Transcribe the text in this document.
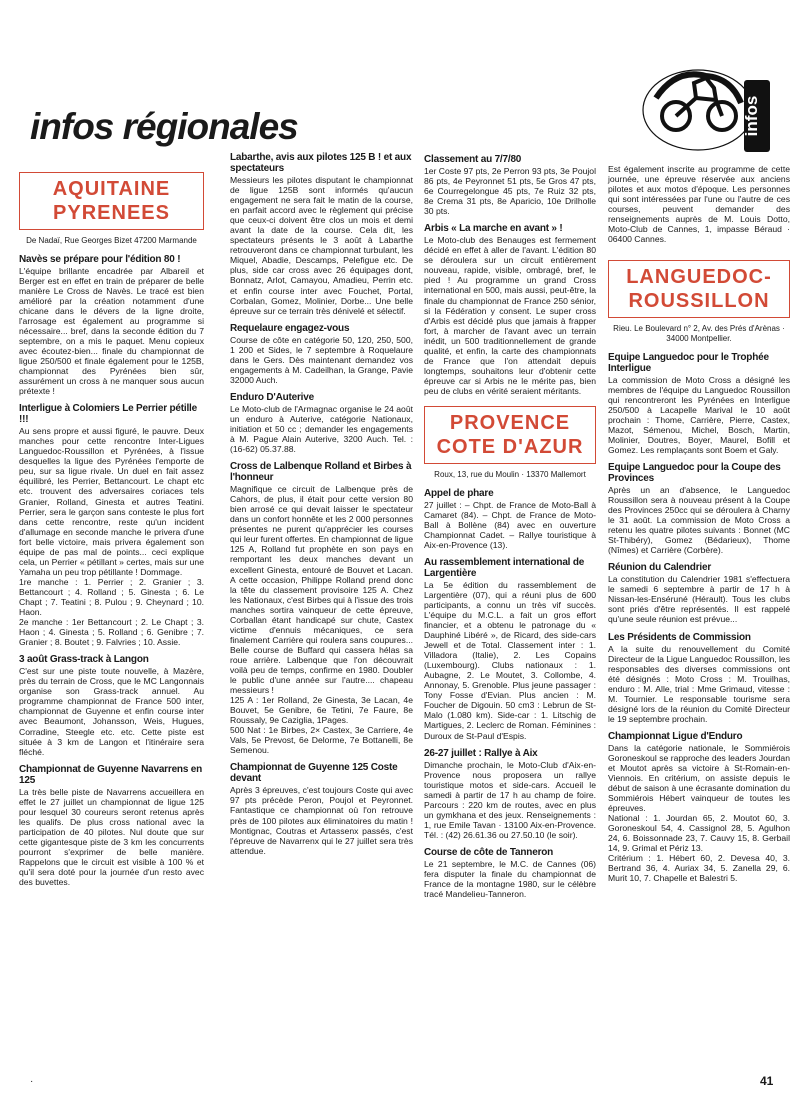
infos régionales	infos
AQUITAINE PYRENEES
De Nadaï, Rue Georges Bizet 47200 Marmande
Navès se prépare pour l'édition 80 !

L'équipe brillante encadrée par Albareil et Berger est en effet en train de préparer de belle manière Le Cross de Navès. Le tracé est bien amélioré par la création notamment d'une chicane dans le dévers de la ligne droite, l'arrosage est également au programme si nécessaire... bref, dans la seconde édition du 7 septembre, on a mis le paquet. Menu copieux avec écoutez-bien... finale du championnat de ligue 250/500 et finale également pour le 125B, championnat des Pyrénées bien sûr, assurément un cross à ne manquer sous aucun prétexte !

Interligue à Colomiers Le Perrier pétille !!!

Au sens propre et aussi figuré, le pauvre. Deux manches pour cette rencontre Inter-Ligues Languedoc-Roussillon et Pyrénées, à l'issue desquelles la ligue des Pyrénées l'emporte de peu, sur sa ligue rivale. Un duel en fait assez équilibré, les Perrier, Bettancourt. Le chapt etc etc. trouvent des adversaires coriaces tels Granier, Rolland, Ginesta et autres Teatini. Perrier, sera le garçon sans conteste le plus fort dans cette rencontre, reste qu'un incident d'allumage en seconde manche le privera d'une fort belle victoire, mais privera également son équipe de pas mal de points... ceci explique cela, un Perrier « pétillant » certes, mais sur une Yamaha un peu trop pétillante ! Dommage.

1re manche : 1. Perrier ; 2. Granier ; 3. Bettancourt ; 4. Rolland ; 5. Ginesta ; 6. Le Chapt ; 7. Teatini ; 8. Pulou ; 9. Cheynard ; 10. Haon.

2e manche : 1er Bettancourt ; 2. Le Chapt ; 3. Haon ; 4. Ginesta ; 5. Rolland ; 6. Genibre ; 7. Granier ; 8. Boutet ; 9. Falvries ; 10. Assie.

3 août Grass-track à Langon

C'est sur une piste toute nouvelle, à Mazère, près du terrain de Cross, que le MC Langonnais organise son Grass-track annuel. Au programme championnat de France 500 inter, championnat de Guyenne et enfin course inter avec Beaumont, Johansson, Weis, Hugues, Corradine, Steegle etc. etc. Cette piste est située à 3 km de Langon et l'itinéraire sera fléché.

Championnat de Guyenne Navarrens en 125

La très belle piste de Navarrens accueillera en effet le 27 juillet un championnat de ligue 125 pour lesquel 30 coureurs seront retenus après les qualifs. De plus cross national avec la participation de 40 pilotes. Nul doute que sur cette gigantesque piste de 3 km les concurrents pourront s'exprimer de belle manière. Rappelons que le circuit est visible à 100 % et qu'il sera doté pour la journée d'un resto avec des buvettes.

Labarthe, avis aux pilotes 125 B ! et aux spectateurs

Messieurs les pilotes disputant le championnat de ligue 125B sont informés qu'aucun engagement ne sera fait le matin de la course, en parfait accord avec le règlement qui précise que ceux-ci doivent être clos un mois et demi avant la date de la course. Cela dit, les spectateurs présents le 3 août à Labarthe retrouveront dans ce championnat turbulant, les Miquel, Abadie, Descamps, Pelefigue etc. De plus, side car cross avec 26 équipages dont, Bonnatz, Arlot, Camayou, Amadieu, Perrin etc. et enfin course inter avec Fouchet, Portal, Corbalan, Gomez, Molinier, Dorbe... Une belle épreuve sur ce terrain très dénivelé et sélectif.

Requelaure engagez-vous

Course de côte en catégorie 50, 120, 250, 500, 1 200 et Sides, le 7 septembre à Roquelaure dans le Gers. Dès maintenant demandez vos engagements à M. Cadeilhan, la Grange, Pavie 32000 Auch.

Enduro D'Auterive

Le Moto-club de l'Armagnac organise le 24 août un enduro à Auterive, catégorie Nationaux, initiation et 50 cc ; demander les engagements à M. Pague Alain Auterive, 3200 Auch. Tel. : (16-62) 05.37.88.

Cross de Lalbenque Rolland et Birbes à l'honneur

Magnifique ce circuit de Lalbenque près de Cahors, de plus, il était pour cette version 80 bien arrosé ce qui devait laisser le spectateur dans un confort honnête et les 2 000 personnes présentes ne purent qu'apprécier les courses qui leur furent offertes. En championnat de ligue 125 A, Rolland fut prophète en son pays en remportant les deux manches devant un excellent Ginesta, entouré de Bouvet et Lacan. A cette occasion, Philippe Rolland prend donc la tête du classement provisoire 125 A. Chez les Nationaux, c'est Birbes qui à l'issue des trois manches sortira vainqueur de cette épreuve, Corballan étant handicapé sur chute, Castex victime d'ennuis mécaniques, ce sera finalement Carrière qui roulera sans coupures... Belle course de Buffard qui cassera hélas sa roue arrière. Lalbenque que l'on découvrait voilà peu de temps, confirme en 1980. Doubler le public d'une année sur l'autre.... chapeau messieurs !

125 A : 1er Rolland, 2e Ginesta, 3e Lacan, 4e Bouvet, 5e Genibre, 6e Tetini, 7e Faure, 8e Roussaly, 9e Caziglia, 1Pages.

500 Nat : 1e Birbes, 2× Castex, 3e Carriere, 4e Vals, 5e Prevost, 6e Delorme, 7e Bottanelli, 8e Semenou.

Championnat de Guyenne 125 Coste devant

Après 3 épreuves, c'est toujours Coste qui avec 97 pts précède Peron, Poujol et Peyronnet. Fantastique ce championnat où l'on retrouve près de 100 pilotes aux éliminatoires du matin ! Montignac, Coutras et Artassenx passés, c'est l'épreuve de Navarrenx qui le 27 juillet sera très attendue.

Classement au 7/7/80

1er Coste 97 pts, 2e Perron 93 pts, 3e Poujol 86 pts, 4e Peyronnet 51 pts, 5e Gros 47 pts, 6e Courregelongue 45 pts, 7e Ruiz 32 pts, 8e Crema 31 pts, 8e Aparicio, 10e Drilholle 30 pts.

Arbis « La marche en avant » !

Le Moto-club des Benauges est fermement décidé en effet à aller de l'avant. L'édition 80 se déroulera sur un circuit entièrement nouveau, rapide, visible, ombragé, bref, le pied ! Au programme un grand Cross international en 500, mais aussi, peut-être, la finale du championnat de France 250 sénior, si la Fédération y consent. Le super cross d'Arbis est décidé plus que jamais à frapper fort, à marcher de l'avant avec un terrain inédit, un 500 traditionnellement de grande qualité, et enfin, la carte des championnats de France que l'on attendait depuis longtemps, souhaitons leur d'obtenir cette épreuve car si Arbis ne le mérite pas, bien peu de clubs en vérité seraient méritants.

PROVENCE COTE D'AZUR
Roux, 13, rue du Moulin · 13370 Mallemort
Appel de phare

27 juillet : – Chpt. de France de Moto-Ball à Camaret (84). – Chpt. de France de Moto-Ball à Bollène (84) avec en ouverture Championnat Cadet. – Rallye touristique à Aix-en-Provence (13).

Au rassemblement international de Largentière

La 5e édition du rassemblement de Largentière (07), qui a réuni plus de 600 participants, a connu un très vif succès. L'équipe du M.C.L. a fait un gros effort financier, et a obtenu le patronage du « Dauphiné Libéré », de Ricard, des side-cars Jewell et de Total. Classement inter : 1. Villadora (Italie), 2. Les Copains (Luxembourg). Clubs nationaux : 1. Aubagne, 2. Le Moutet, 3. Collombe, 4. Annonay, 5. Grenoble. Plus jeune passager : Tony Fosse d'Evian. Plus ancien : M. Foucher de Digouin. 50 cm3 : Lebrun de St-Malo (1.080 km). Side-car : 1. Litschig de Martigues, 2. Leclerc de Roman. Féminines : Duroux de St-Paul d'Espis.

26-27 juillet : Rallye à Aix

Dimanche prochain, le Moto-Club d'Aix-en-Provence nous proposera un rallye touristique motos et side-cars. Accueil le samedi à partir de 17 h au champ de foire. Parcours : 220 km de routes, avec en plus un gymkhana et des jeux. Renseignements : 1, rue Emile Tavan · 13100 Aix-en-Provence. Tél. : (42) 26.61.36 ou 27.50.10 (le soir).

Course de côte de Tanneron

Le 21 septembre, le M.C. de Cannes (06) fera disputer la finale du championnat de France de la montagne 1980, sur le célèbre tracé Mandelieu-Tanneron.

Est également inscrite au programme de cette journée, une épreuve réservée aux anciens pilotes et aux motos d'époque. Les personnes qui sont intéressées par l'une ou l'autre de ces courses, peuvent demander des renseignements auprès de M. Louis Dotto, Moto-Club de Cannes, 1, impasse Béraud · 06400 Cannes.

LANGUEDOC-ROUSSILLON
Rieu. Le Boulevard n° 2, Av. des Prés d'Arènas · 34000 Montpellier.
Equipe Languedoc pour le Trophée Interligue

La commission de Moto Cross a désigné les membres de l'équipe du Languedoc Roussillon qui rencontreront les Pyrénées en Interligue 250/500 à Lacapelle Marival le 10 août prochain : Thome, Carrière, Pierre, Castex, Mazot, Sémenou, Michel, Bosch, Martin, Molinier, Doutres, Boyer, Maurel, Bofill et Gomez. Les remplaçants sont Boem et Galy.

Equipe Languedoc pour la Coupe des Provinces

Après un an d'absence, le Languedoc Roussillon sera à nouveau présent à la Coupe des Provinces 250cc qui se déroulera à Charny le 31 août. La commission de Moto Cross a retenu les quatre pilotes suivants : Bonnet (MC St-Thibéry), Gomez (Bédarieux), Thome (Nîmes) et Carrière (Corbère).

Réunion du Calendrier

La constitution du Calendrier 1981 s'effectuera le samedi 6 septembre à partir de 17 h à Nissan-les-Enséruné (Hérault). Tous les clubs sont priés d'être représentés. Il est rappelé qu'une seule réunion est prévue...

Les Présidents de Commission

A la suite du renouvellement du Comité Directeur de la Ligue Languedoc Roussillon, les responsables des diverses commissions ont été désignés : Moto Cross : M. Trouilhas, enduro : M. Alle, trial : Mme Grimaud, vitesse : M. Tournier. Le responsable tourisme sera désigné lors de la réunion du Comité Directeur le 19 septembre prochain.

Championnat Ligue d'Enduro

Dans la catégorie nationale, le Sommiérois Goroneskoul se rapproche des leaders Jourdan et Moutot après sa victoire à St-Romain-en-Viennois. En critérium, on assiste depuis le début de saison à une écrasante domination du Sommiérois Hébert vainqueur de toutes les épreuves.

National : 1. Jourdan 65, 2. Moutot 60, 3. Goroneskoul 54, 4. Cassignol 28, 5. Agulhon 24, 6. Boissonnade 23, 7. Cauvy 15, 8. Gerbail 14, 9. Grimal et Périz 13.

Critérium : 1. Hébert 60, 2. Devesa 40, 3. Bertrand 36, 4. Auriax 34, 5. Zanella 29, 6. Murit 10, 7. Chapelle et Balestri 5.

·	41
